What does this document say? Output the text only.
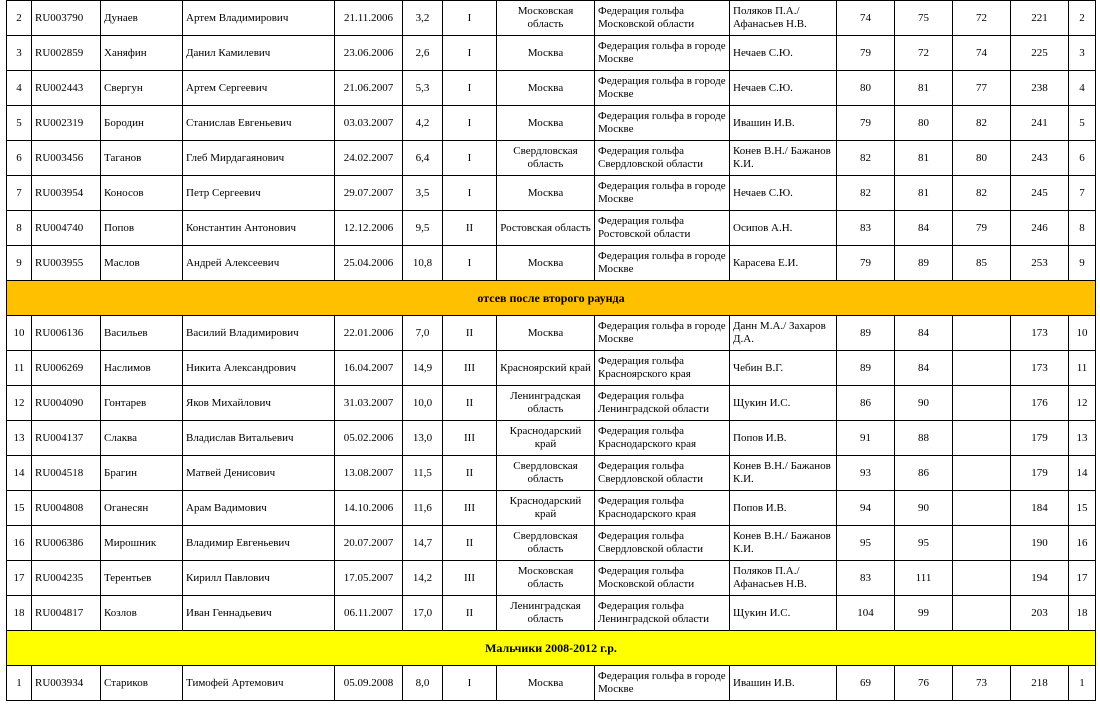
2	RU003790	Дунаев	Артем Владимирович	21.11.2006	3,2	I	Московская область	Федерация гольфа Московской области	Поляков П.А./ Афанасьев Н.В.	74	75	72	221	2
3	RU002859	Ханяфин	Данил Камилевич	23.06.2006	2,6	I	Москва	Федерация гольфа в городе Москве	Нечаев С.Ю.	79	72	74	225	3
4	RU002443	Свергун	Артем Сергеевич	21.06.2007	5,3	I	Москва	Федерация гольфа в городе Москве	Нечаев С.Ю.	80	81	77	238	4
5	RU002319	Бородин	Станислав Евгеньевич	03.03.2007	4,2	I	Москва	Федерация гольфа в городе Москве	Ивашин И.В.	79	80	82	241	5
6	RU003456	Таганов	Глеб Мирдагаянович	24.02.2007	6,4	I	Свердловская область	Федерация гольфа Свердловской области	Конев В.Н./ Бажанов К.И.	82	81	80	243	6
7	RU003954	Коносов	Петр Сергеевич	29.07.2007	3,5	I	Москва	Федерация гольфа в городе Москве	Нечаев С.Ю.	82	81	82	245	7
8	RU004740	Попов	Константин Антонович	12.12.2006	9,5	II	Ростовская область	Федерация гольфа Ростовской области	Осипов А.Н.	83	84	79	246	8
9	RU003955	Маслов	Андрей Алексеевич	25.04.2006	10,8	I	Москва	Федерация гольфа в городе Москве	Карасева Е.И.	79	89	85	253	9
отсев после второго раунда														
10	RU006136	Васильев	Василий Владимирович	22.01.2006	7,0	II	Москва	Федерация гольфа в городе Москве	Данн М.А./ Захаров Д.А.	89	84		173	10
11	RU006269	Наслимов	Никита Александрович	16.04.2007	14,9	III	Красноярский край	Федерация гольфа Красноярского края	Чебин В.Г.	89	84		173	11
12	RU004090	Гонтарев	Яков Михайлович	31.03.2007	10,0	II	Ленинградская область	Федерация гольфа Ленинградской области	Щукин И.С.	86	90		176	12
13	RU004137	Слаква	Владислав Витальевич	05.02.2006	13,0	III	Краснодарский край	Федерация гольфа Краснодарского края	Попов И.В.	91	88		179	13
14	RU004518	Брагин	Матвей Денисович	13.08.2007	11,5	II	Свердловская область	Федерация гольфа Свердловской области	Конев В.Н./ Бажанов К.И.	93	86		179	14
15	RU004808	Оганесян	Арам Вадимович	14.10.2006	11,6	III	Краснодарский край	Федерация гольфа Краснодарского края	Попов И.В.	94	90		184	15
16	RU006386	Мирошник	Владимир Евгеньевич	20.07.2007	14,7	II	Свердловская область	Федерация гольфа Свердловской области	Конев В.Н./ Бажанов К.И.	95	95		190	16
17	RU004235	Терентьев	Кирилл Павлович	17.05.2007	14,2	III	Московская область	Федерация гольфа Московской области	Поляков П.А./ Афанасьев Н.В.	83	111		194	17
18	RU004817	Козлов	Иван Геннадьевич	06.11.2007	17,0	II	Ленинградская область	Федерация гольфа Ленинградской области	Щукин И.С.	104	99		203	18
Мальчики 2008-2012 г.р.														
1	RU003934	Стариков	Тимофей Артемович	05.09.2008	8,0	I	Москва	Федерация гольфа в городе Москве	Ивашин И.В.	69	76	73	218	1
